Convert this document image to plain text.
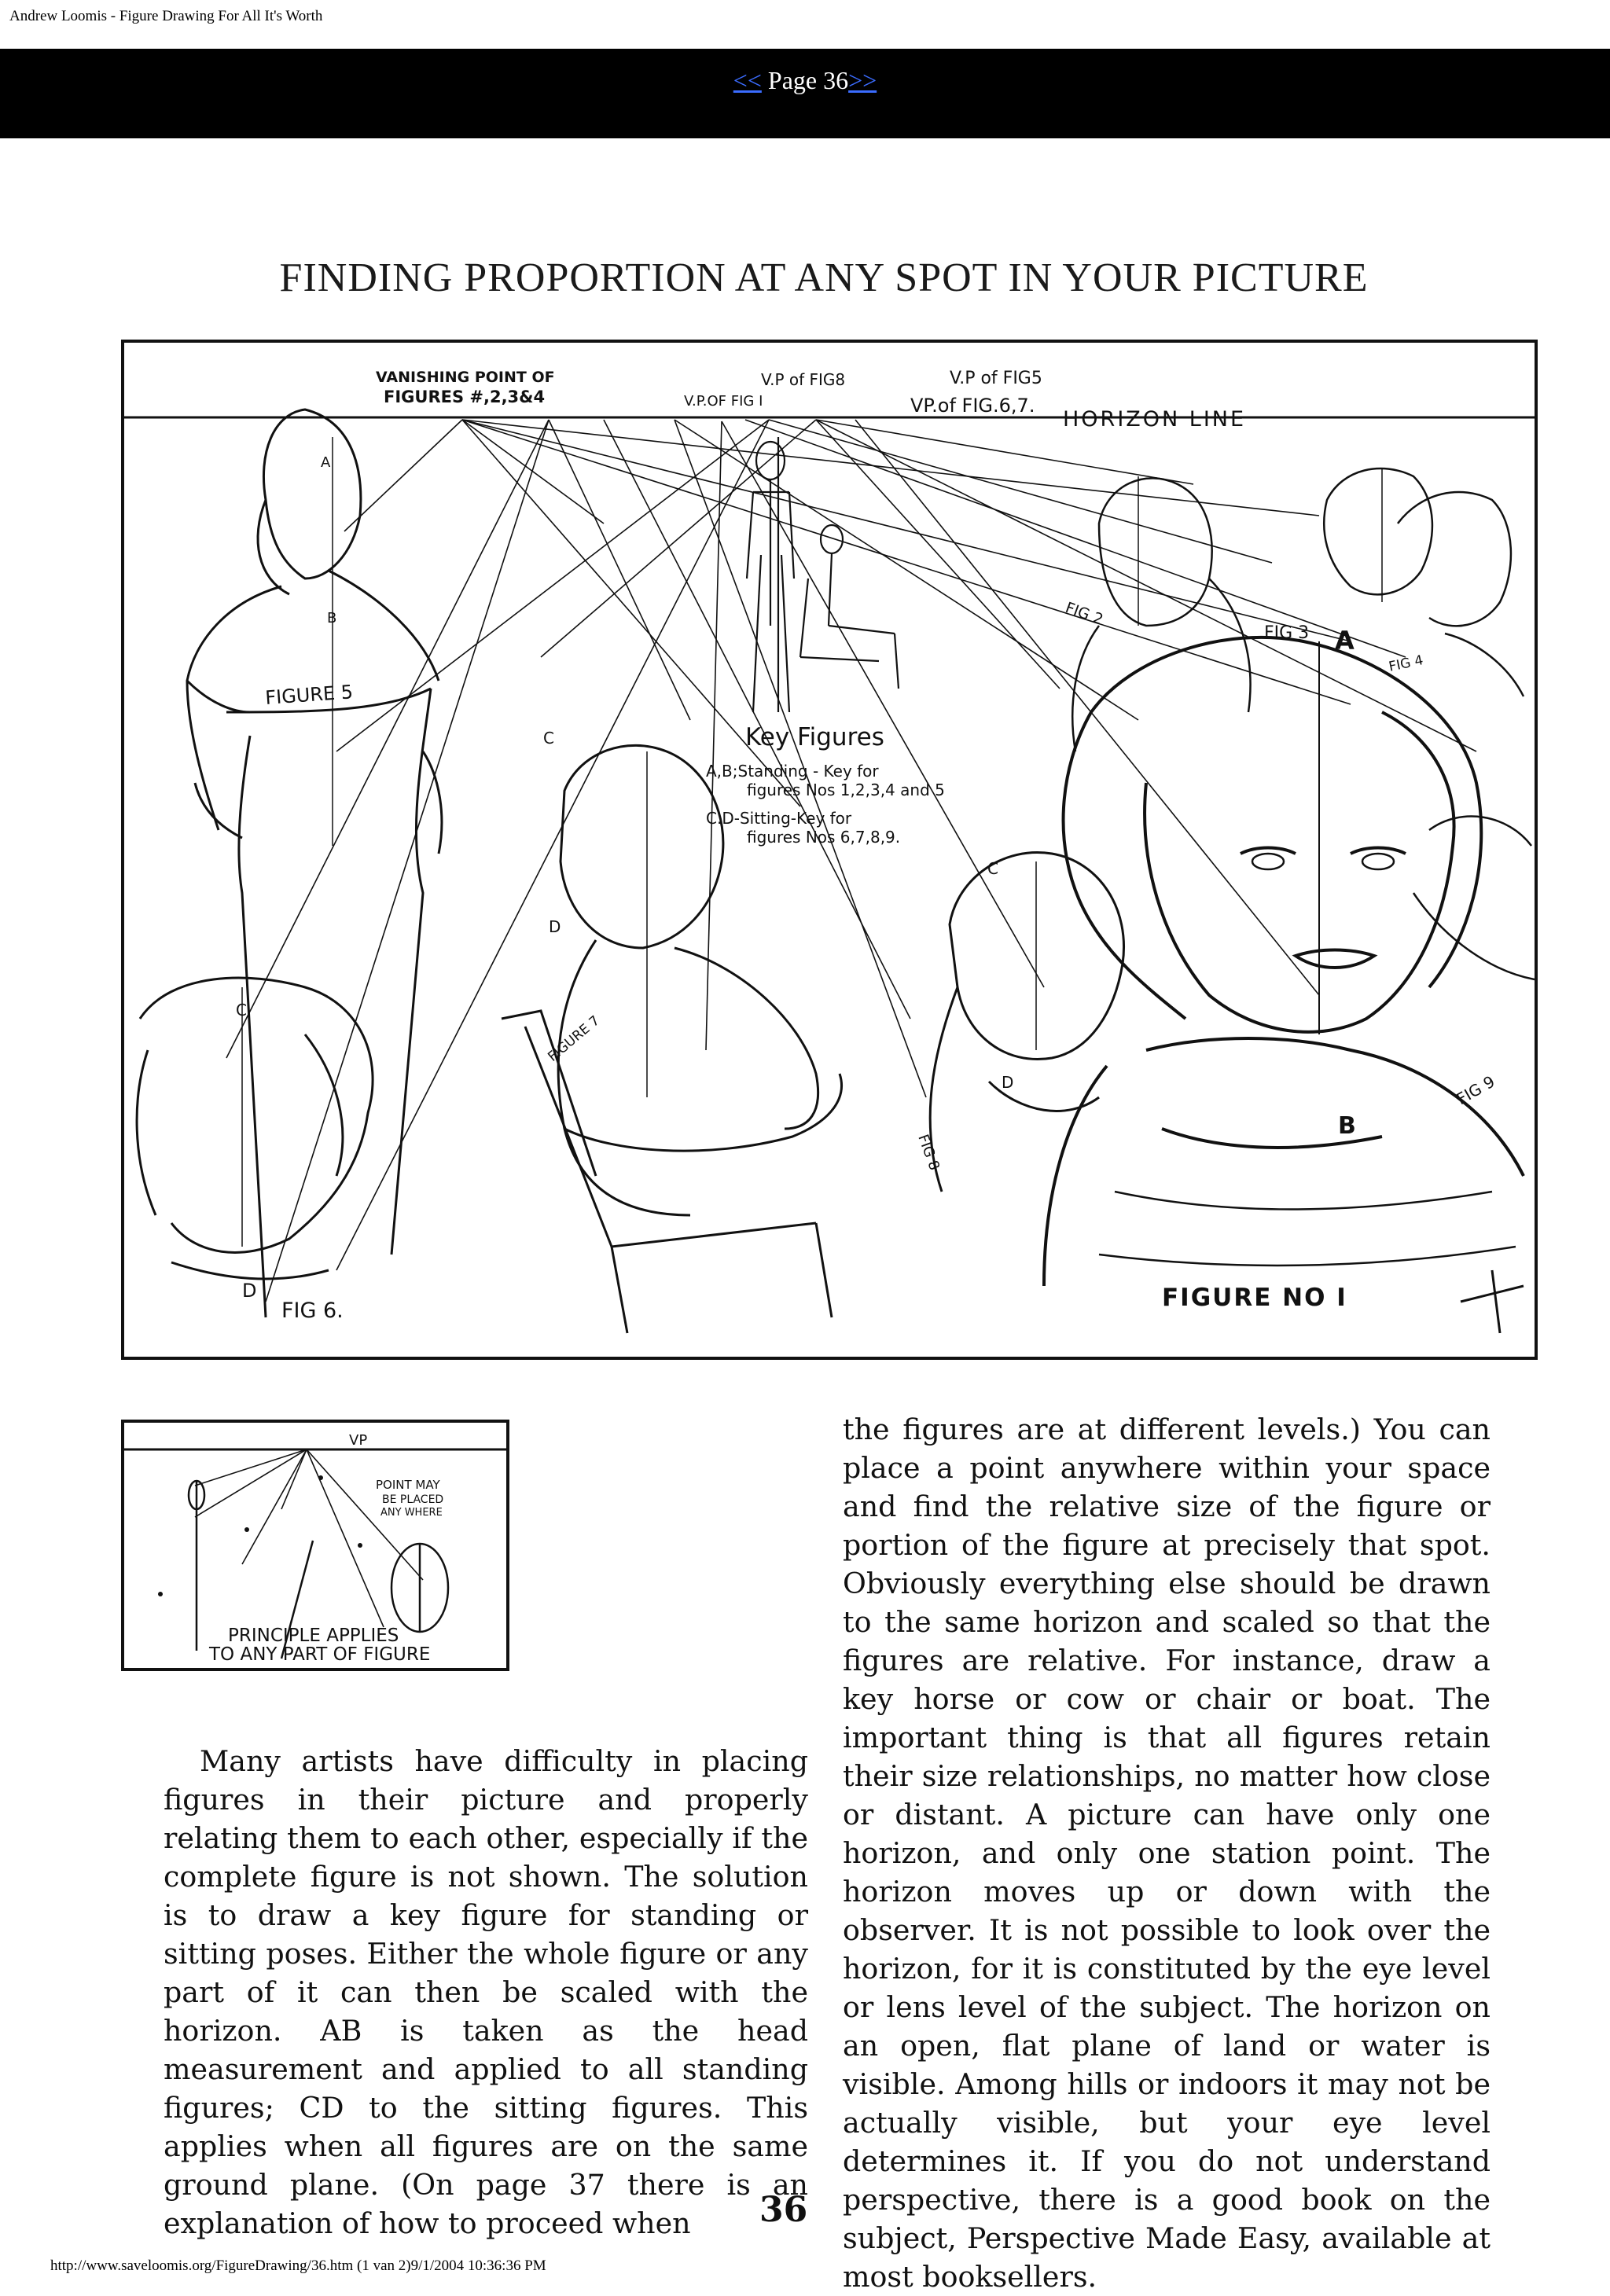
Andrew Loomis - Figure Drawing For All It's Worth
<< Page 36>>
FINDING PROPORTION AT ANY SPOT IN YOUR PICTURE
VANISHING POINT OF
FIGURES #,2,3&4
V.P of FIG8	V.P of FIG5
V.P.OF FIG I	VP.of FIG.6,7.
HORIZON LINE
FIGURE 5
FIG 2
FIG 3
FIG 4
FIGURE 7
FIG 8
FIG 9
FIG 6.	FIGURE NO I
Key Figures
A,B;Standing - Key for
figures Nos 1,2,3,4 and 5
C.D-Sitting-Key for
figures Nos 6,7,8,9.
A
B
C
D
A
B
C
D
C
D
VP
POINT MAY
BE PLACED
ANY WHERE
PRINCIPLE APPLIES
TO ANY PART OF FIGURE

Many artists have difficulty in placing figures in their picture and properly relating them to each other, especially if the complete figure is not shown. The solution is to draw a key figure for standing or sitting poses. Either the whole figure or any part of it can then be scaled with the horizon. AB is taken as the head measurement and applied to all standing figures; CD to the sitting figures. This applies when all figures are on the same ground plane. (On page 37 there is an explanation of how to proceed when

the figures are at different levels.) You can place a point anywhere within your space and find the relative size of the figure or portion of the figure at precisely that spot. Obviously everything else should be drawn to the same horizon and scaled so that the figures are relative. For instance, draw a key horse or cow or chair or boat. The important thing is that all figures retain their size relationships, no matter how close or distant. A picture can have only one horizon, and only one station point. The horizon moves up or down with the observer. It is not possible to look over the horizon, for it is constituted by the eye level or lens level of the subject. The horizon on an open, flat plane of land or water is visible. Among hills or indoors it may not be actually visible, but your eye level determines it. If you do not understand perspective, there is a good book on the subject, Perspective Made Easy, available at most booksellers.

36
http://www.saveloomis.org/FigureDrawing/36.htm (1 van 2)9/1/2004 10:36:36 PM
